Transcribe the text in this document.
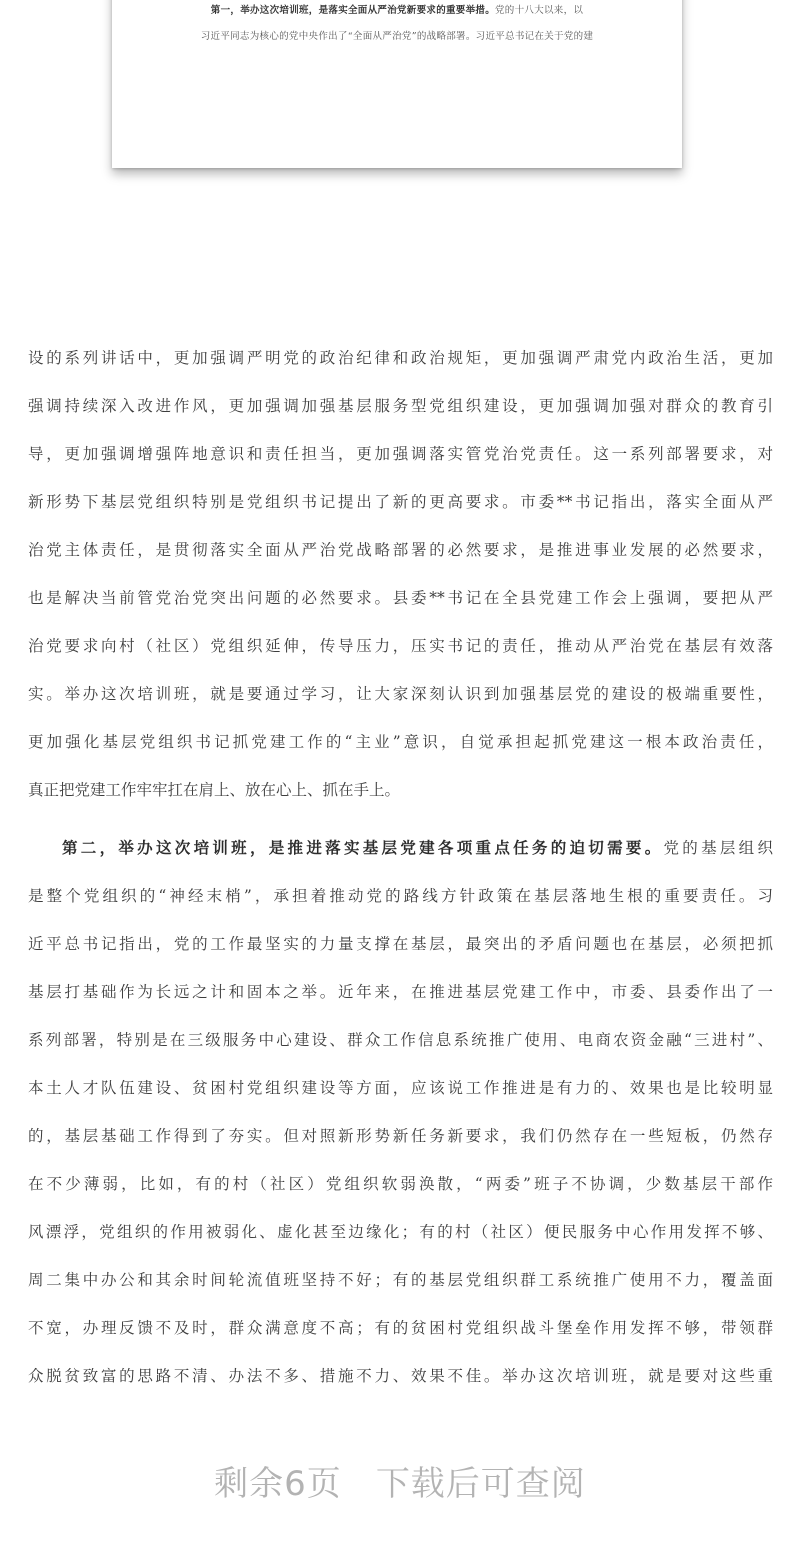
第一，举办这次培训班，是落实全面从严治党新要求的重要举措。党的十八大以来，以
习近平同志为核心的党中央作出了“全面从严治党”的战略部署。习近平总书记在关于党的建
设的系列讲话中，更加强调严明党的政治纪律和政治规矩，更加强调严肃党内政治生活，更加
强调持续深入改进作风，更加强调加强基层服务型党组织建设，更加强调加强对群众的教育引
导，更加强调增强阵地意识和责任担当，更加强调落实管党治党责任。这一系列部署要求，对
新形势下基层党组织特别是党组织书记提出了新的更高要求。市委**书记指出，落实全面从严
治党主体责任，是贯彻落实全面从严治党战略部署的必然要求，是推进事业发展的必然要求，
也是解决当前管党治党突出问题的必然要求。县委**书记在全县党建工作会上强调，要把从严
治党要求向村（社区）党组织延伸，传导压力，压实书记的责任，推动从严治党在基层有效落
实。举办这次培训班，就是要通过学习，让大家深刻认识到加强基层党的建设的极端重要性，
更加强化基层党组织书记抓党建工作的“主业”意识，自觉承担起抓党建这一根本政治责任，
真正把党建工作牢牢扛在肩上、放在心上、抓在手上。
第二，举办这次培训班，是推进落实基层党建各项重点任务的迫切需要。党的基层组织
是整个党组织的“神经末梢”，承担着推动党的路线方针政策在基层落地生根的重要责任。习
近平总书记指出，党的工作最坚实的力量支撑在基层，最突出的矛盾问题也在基层，必须把抓
基层打基础作为长远之计和固本之举。近年来，在推进基层党建工作中，市委、县委作出了一
系列部署，特别是在三级服务中心建设、群众工作信息系统推广使用、电商农资金融“三进村”、
本土人才队伍建设、贫困村党组织建设等方面，应该说工作推进是有力的、效果也是比较明显
的，基层基础工作得到了夯实。但对照新形势新任务新要求，我们仍然存在一些短板，仍然存
在不少薄弱，比如，有的村（社区）党组织软弱涣散，“两委”班子不协调，少数基层干部作
风漂浮，党组织的作用被弱化、虚化甚至边缘化；有的村（社区）便民服务中心作用发挥不够、
周二集中办公和其余时间轮流值班坚持不好；有的基层党组织群工系统推广使用不力，覆盖面
不宽，办理反馈不及时，群众满意度不高；有的贫困村党组织战斗堡垒作用发挥不够，带领群
众脱贫致富的思路不清、办法不多、措施不力、效果不佳。举办这次培训班，就是要对这些重
剩余6页 下载后可查阅
